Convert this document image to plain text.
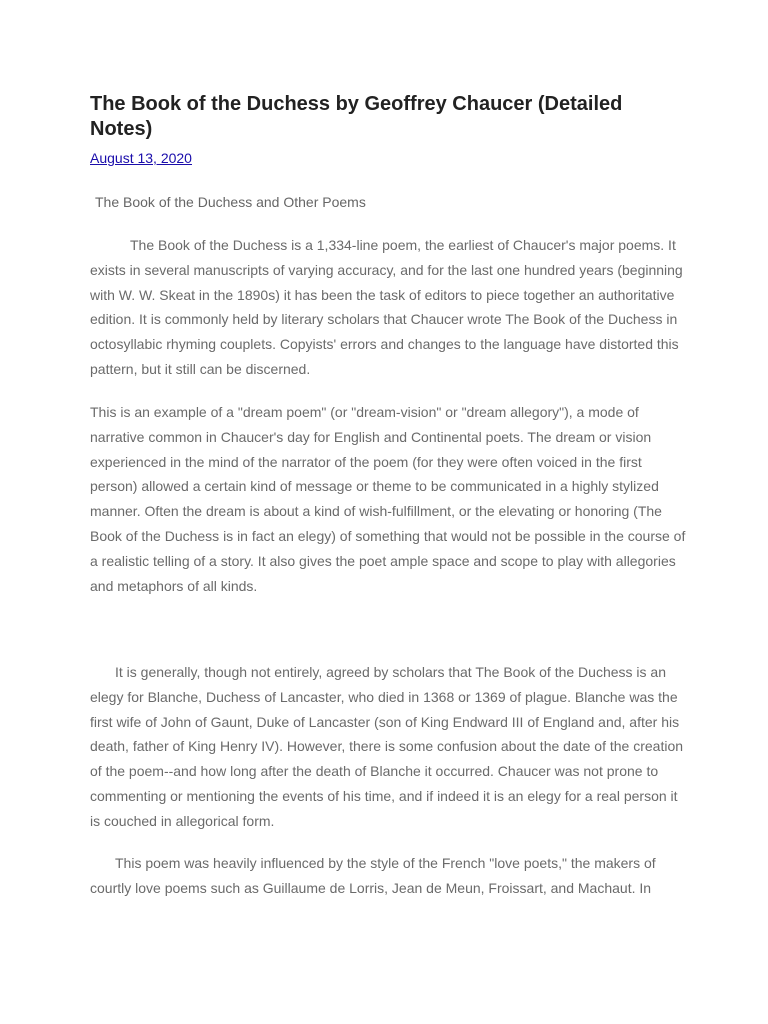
The Book of the Duchess by Geoffrey Chaucer (Detailed Notes)
August 13, 2020
The Book of the Duchess and Other Poems

The Book of the Duchess is a 1,334-line poem, the earliest of Chaucer's major poems. It exists in several manuscripts of varying accuracy, and for the last one hundred years (beginning with W. W. Skeat in the 1890s) it has been the task of editors to piece together an authoritative edition. It is commonly held by literary scholars that Chaucer wrote The Book of the Duchess in octosyllabic rhyming couplets. Copyists' errors and changes to the language have distorted this pattern, but it still can be discerned.

This is an example of a "dream poem" (or "dream-vision" or "dream allegory"), a mode of narrative common in Chaucer's day for English and Continental poets. The dream or vision experienced in the mind of the narrator of the poem (for they were often voiced in the first person) allowed a certain kind of message or theme to be communicated in a highly stylized manner. Often the dream is about a kind of wish-fulfillment, or the elevating or honoring (The Book of the Duchess is in fact an elegy) of something that would not be possible in the course of a realistic telling of a story. It also gives the poet ample space and scope to play with allegories and metaphors of all kinds.

It is generally, though not entirely, agreed by scholars that The Book of the Duchess is an elegy for Blanche, Duchess of Lancaster, who died in 1368 or 1369 of plague. Blanche was the first wife of John of Gaunt, Duke of Lancaster (son of King Endward III of England and, after his death, father of King Henry IV). However, there is some confusion about the date of the creation of the poem--and how long after the death of Blanche it occurred. Chaucer was not prone to commenting or mentioning the events of his time, and if indeed it is an elegy for a real person it is couched in allegorical form.

This poem was heavily influenced by the style of the French "love poets," the makers of courtly love poems such as Guillaume de Lorris, Jean de Meun, Froissart, and Machaut. In
